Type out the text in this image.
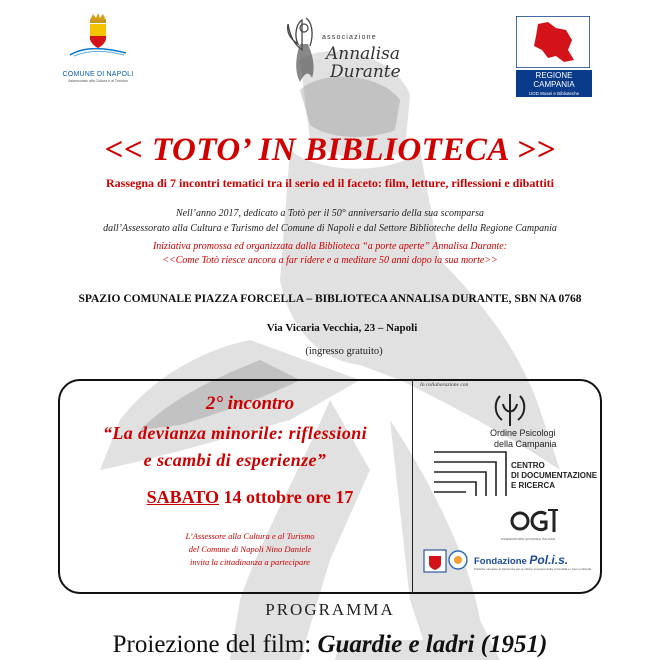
COMUNE DI NAPOLI
Assessorato alla Cultura e al Turismo
associazione
Annalisa
Durante	REGIONE CAMPANIA
UOD Musei e Biblioteche
<< TOTO’ IN BIBLIOTECA >>
Rassegna di 7 incontri tematici tra il serio ed il faceto: film, letture, riflessioni e dibattiti
Nell’anno 2017, dedicato a Totò per il 50° anniversario della sua scomparsa
dall’Assessorato alla Cultura e Turismo del Comune di Napoli e dal Settore Biblioteche della Regione Campania
Iniziativa promossa ed organizzata dalla Biblioteca “a porte aperte” Annalisa Durante:
<<Come Totò riesce ancora a far ridere e a meditare 50 anni dopo la sua morte>>
SPAZIO COMUNALE PIAZZA FORCELLA – BIBLIOTECA ANNALISA DURANTE, SBN NA 0768
Via Vicaria Vecchia, 23 – Napoli
(ingresso gratuito)
2° incontro
“La devianza minorile: riflessioni
e scambi di esperienze”
SABATO 14 ottobre ore 17
L’Assessore alla Cultura e al Turismo
del Comune di Napoli Nino Daniele
invita la cittadinanza a partecipare
In collaborazione con
Ordine Psicologi
della Campania
CENTRO
DI DOCUMENTAZIONE
E RICERCA
OSSERVATORIO GIOVANILE ITALIANO
Fondazione Pol.i.s.
Politiche integrate di Sicurezza per le vittime innocenti della criminalità e i beni confiscati
PROGRAMMA
Proiezione del film: Guardie e ladri (1951)
